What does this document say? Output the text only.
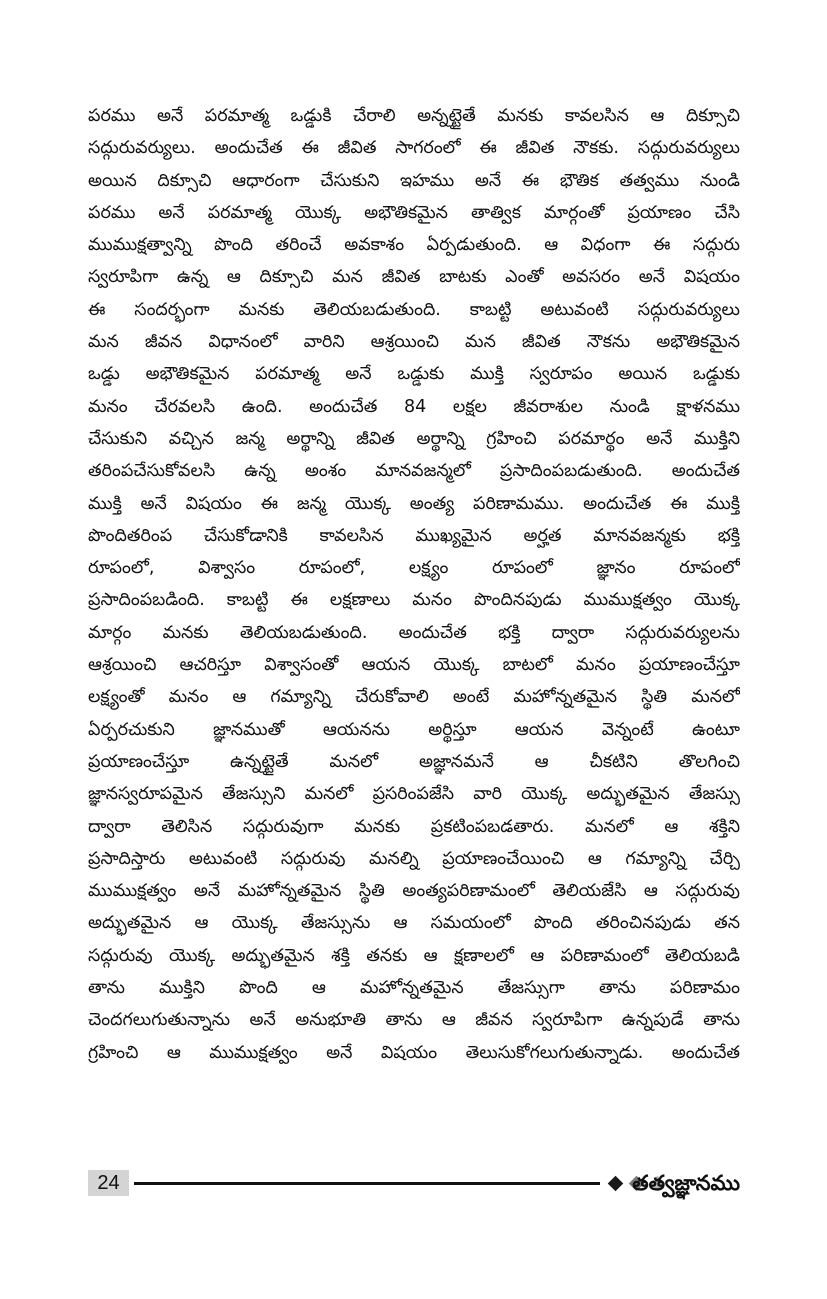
పరము అనే పరమాత్మ ఒడ్డుకి చేరాలి అన్నట్టైతే మనకు కావలసిన ఆ దిక్సూచి
సద్గురువర్యులు. అందుచేత ఈ జీవిత సాగరంలో ఈ జీవిత నౌకకు. సద్గురువర్యులు
అయిన దిక్సూచి ఆధారంగా చేసుకుని ఇహము అనే ఈ భౌతిక తత్వము నుండి
పరము అనే పరమాత్మ యొక్క అభౌతికమైన తాత్విక మార్గంతో ప్రయాణం చేసి
ముముక్షత్వాన్ని పొంది తరించే అవకాశం ఏర్పడుతుంది. ఆ విధంగా ఈ సద్గురు
స్వరూపిగా ఉన్న ఆ దిక్సూచి మన జీవిత బాటకు ఎంతో అవసరం అనే విషయం
ఈ సందర్భంగా మనకు తెలియబడుతుంది. కాబట్టి అటువంటి సద్గురువర్యులు
మన జీవన విధానంలో వారిని ఆశ్రయించి మన జీవిత నౌకను అభౌతికమైన
ఒడ్డు అభౌతికమైన పరమాత్మ అనే ఒడ్డుకు ముక్తి స్వరూపం అయిన ఒడ్డుకు
మనం చేరవలసి ఉంది. అందుచేత 84 లక్షల జీవరాశుల నుండి క్షాళనము
చేసుకుని వచ్చిన జన్మ అర్థాన్ని జీవిత అర్థాన్ని గ్రహించి పరమార్థం అనే ముక్తిని
తరింపచేసుకోవలసి ఉన్న అంశం మానవజన్మలో ప్రసాదింపబడుతుంది. అందుచేత
ముక్తి అనే విషయం ఈ జన్మ యొక్క అంత్య పరిణామము. అందుచేత ఈ ముక్తి
పొందితరింప చేసుకోడానికి కావలసిన ముఖ్యమైన అర్హత మానవజన్మకు భక్తి
రూపంలో, విశ్వాసం రూపంలో, లక్ష్యం రూపంలో జ్ఞానం రూపంలో
ప్రసాదింపబడింది. కాబట్టి ఈ లక్షణాలు మనం పొందినపుడు ముముక్షత్వం యొక్క
మార్గం మనకు తెలియబడుతుంది. అందుచేత భక్తి ద్వారా సద్గురువర్యులను
ఆశ్రయించి ఆచరిస్తూ విశ్వాసంతో ఆయన యొక్క బాటలో మనం ప్రయాణంచేస్తూ
లక్ష్యంతో మనం ఆ గమ్యాన్ని చేరుకోవాలి అంటే మహోన్నతమైన స్థితి మనలో
ఏర్పరచుకుని జ్ఞానముతో ఆయనను అర్థిస్తూ ఆయన వెన్నంటే ఉంటూ
ప్రయాణంచేస్తూ ఉన్నట్టైతే మనలో అజ్ఞానమనే ఆ చీకటిని తొలగించి
జ్ఞానస్వరూపమైన తేజస్సుని మనలో ప్రసరింపజేసి వారి యొక్క అద్భుతమైన తేజస్సు
ద్వారా తెలిసిన సద్గురువుగా మనకు ప్రకటింపబడతారు. మనలో ఆ శక్తిని
ప్రసాదిస్తారు అటువంటి సద్గురువు మనల్ని ప్రయాణంచేయించి ఆ గమ్యాన్ని చేర్చి
ముముక్షత్వం అనే మహోన్నతమైన స్థితి అంత్యపరిణామంలో తెలియజేసి ఆ సద్గురువు
అద్భుతమైన ఆ యొక్క తేజస్సును ఆ సమయంలో పొంది తరించినపుడు తన
సద్గురువు యొక్క అద్భుతమైన శక్తి తనకు ఆ క్షణాలలో ఆ పరిణామంలో తెలియబడి
తాను ముక్తిని పొంది ఆ మహోన్నతమైన తేజస్సుగా తాను పరిణామం
చెందగలుగుతున్నాను అనే అనుభూతి తాను ఆ జీవన స్వరూపిగా ఉన్నపుడే తాను
గ్రహించి ఆ ముముక్షత్వం అనే విషయం తెలుసుకోగలుగుతున్నాడు. అందుచేత
24	తత్వజ్ఞానము
